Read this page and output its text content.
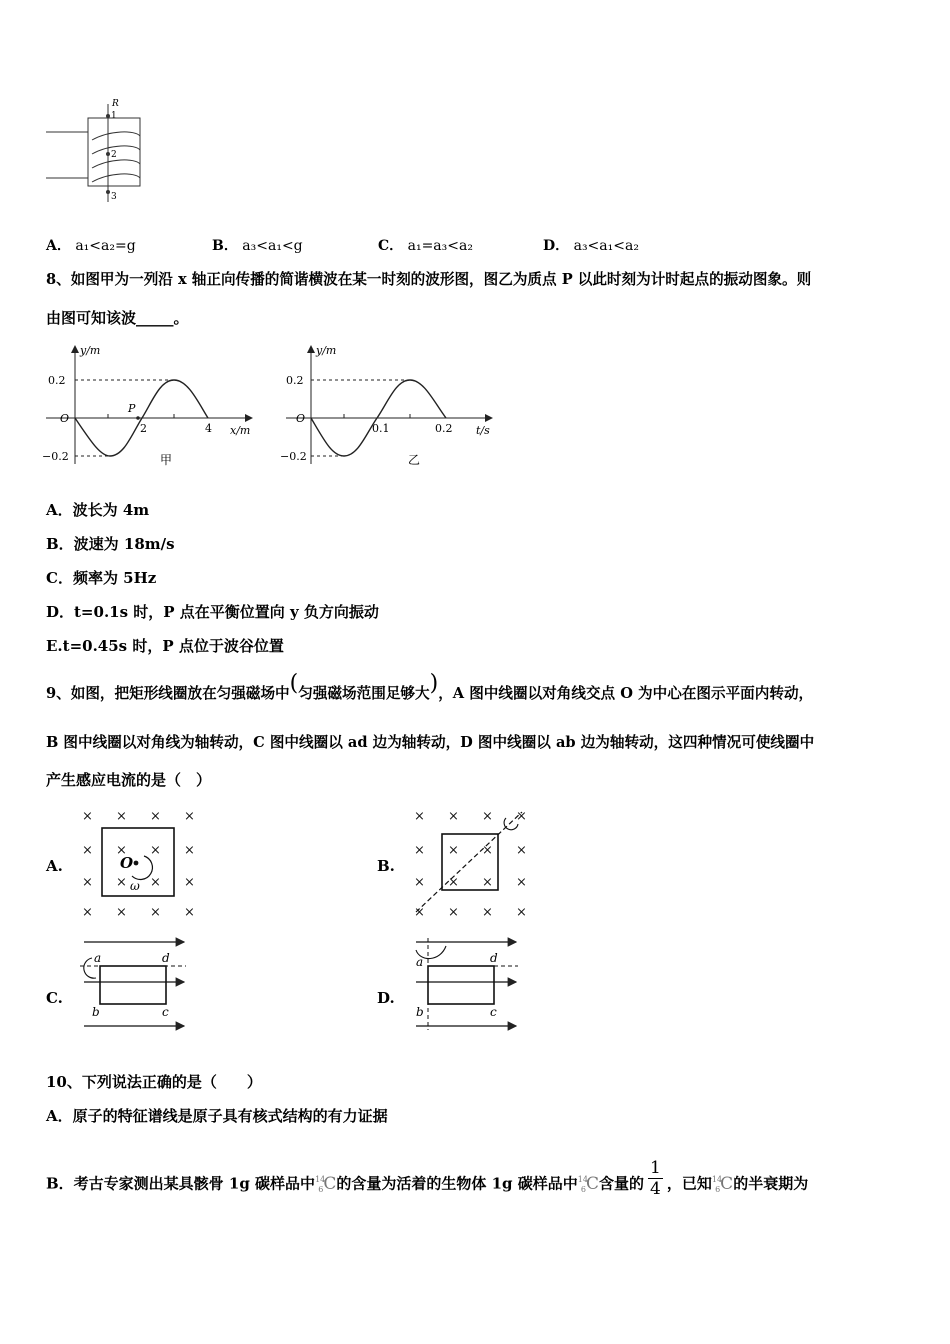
R
1
2
3
A． a₁<a₂=g	B． a₃<a₁<g	C． a₁=a₃<a₂	D． a₃<a₁<a₂
8、如图甲为一列沿 x 轴正向传播的简谐横波在某一时刻的波形图，图乙为质点 P 以此时刻为计时起点的振动图象。则
由图可知该波_____。
y/m
0.2
−0.2
O
P
2	4 x/m
甲
y/m
0.2
−0.2
O
0.1	0.2 t/s
乙
A．波长为 4m
B．波速为 18m/s
C．频率为 5Hz
D．t=0.1s 时，P 点在平衡位置向 y 负方向振动
E.t=0.45s 时，P 点位于波谷位置
9、如图，把矩形线圈放在匀强磁场中(匀强磁场范围足够大)，A 图中线圈以对角线交点 O 为中心在图示平面内转动，
B 图中线圈以对角线为轴转动，C 图中线圈以 ad 边为轴转动，D 图中线圈以 ab 边为轴转动，这四种情况可使线圈中
产生感应电流的是（　）
A.
× × × ×
× × × ×
× × × ×
× × × ×
O
ω
B.
× × × ×
× × × ×
× × × ×
× × × ×
C.
a	d
b	c
D.
a	d
b	c
10、下列说法正确的是（　　）
A．原子的特征谱线是原子具有核式结构的有力证据
B．考古专家测出某具骸骨 1g 碳样品中$^{14}_6$C的含量为活着的生物体 1g 碳样品中$^{14}_6$C含量的 $\frac{1}{4}$ ，已知$^{14}_6$C的半衰期为
